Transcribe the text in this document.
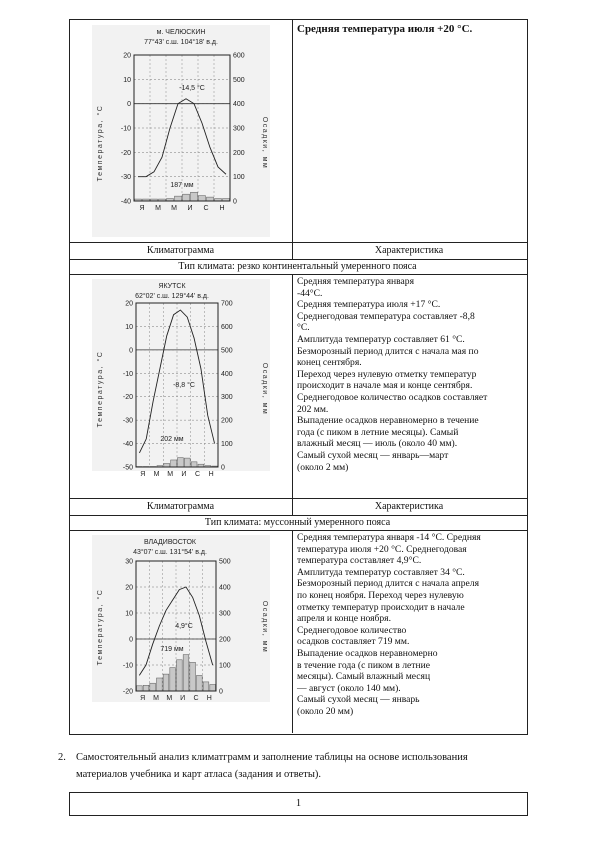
м. ЧЕЛЮСКИН
77°43' с.ш. 104°18' в.д.
20
10
0
-10
-20
-30
-40
600
500
400
300
200
100
0
Я М М И С Н
-14,5 °C
187 мм
Температура, °C	Осадки, мм
Средняя температура июля +20 °С.
Климатограмма	Характеристика
Тип климата: резко континентальный умеренного пояса
ЯКУТСК
62°02' с.ш. 129°44' в.д.
20
10
0
-10
-20
-30
-40
-50
700
600
500
400
300
200
100
0
Я М М И С Н
-8,8 °C
202 мм
Температура, °C	Осадки, мм
Средняя температура января
-44°С.
Средняя температура июля +17 °С.
Среднегодовая температура составляет -8,8
°С.
Амплитуда температур составляет 61 °С.
Безморозный период длится с начала мая по
конец сентября.
Переход через нулевую отметку температур
происходит в начале мая и конце сентября.
Среднегодовое количество осадков составляет
202 мм.
Выпадение осадков неравномерно в течение
года (с пиком в летние месяцы). Самый
влажный месяц — июль (около 40 мм).
Самый сухой месяц — январь—март
(около 2 мм)
Климатограмма	Характеристика
Тип климата: муссонный умеренного пояса
ВЛАДИВОСТОК
43°07' с.ш. 131°54' в.д.
30
20
10
0
-10
-20
500
400
300
200
100
0
Я М М И С Н
4,9°C
719 мм
Температура, °C	Осадки, мм
Средняя температура января -14 °С. Средняя
температура июля +20 °С. Среднегодовая
температура составляет 4,9°С.
Амплитуда температур составляет 34 °С.
Безморозный период длится с начала апреля
по конец ноября. Переход через нулевую
отметку температур происходит в начале
апреля и конце ноября.
Среднегодовое количество
осадков составляет 719 мм.
Выпадение осадков неравномерно
в течение года (с пиком в летние
месяцы). Самый влажный месяц
— август (около 140 мм).
Самый сухой месяц — январь
(около 20 мм)
2. Самостоятельный анализ климатграмм и заполнение таблицы на основе использования
материалов учебника и карт атласа (задания и ответы).
1
